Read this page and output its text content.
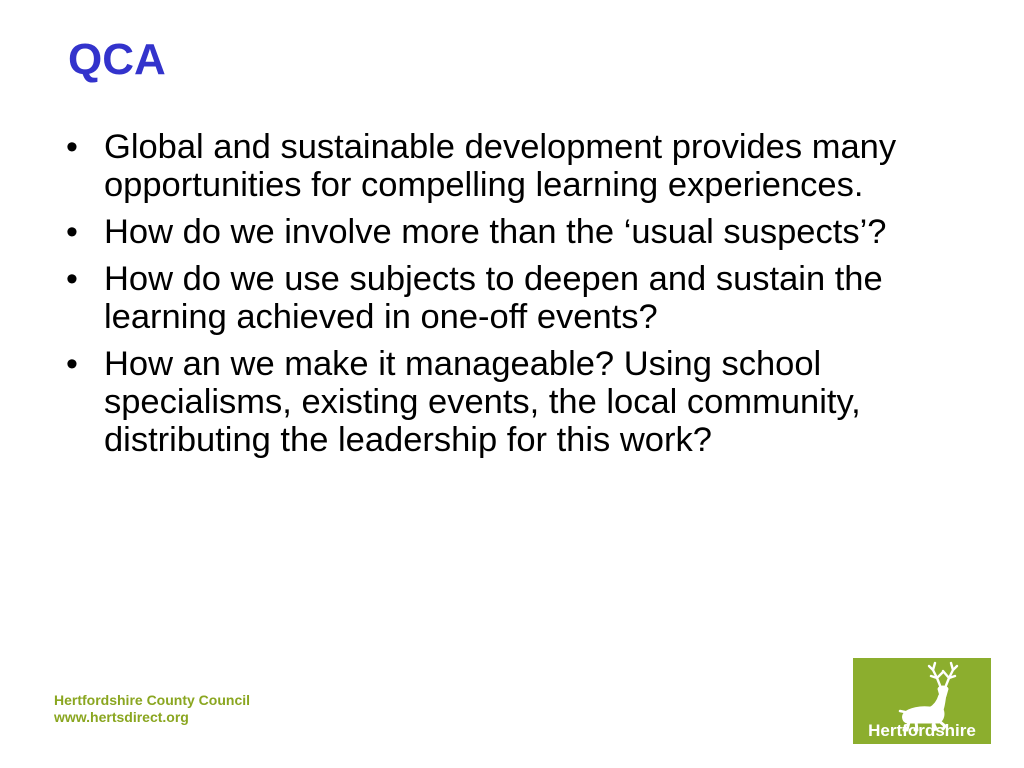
QCA
• Global and sustainable development provides many opportunities for compelling learning experiences.
• How do we involve more than the ‘usual suspects’?
• How do we use subjects to deepen and sustain the learning achieved in one-off events?
• How an we make it manageable? Using school specialisms, existing events, the local community, distributing the leadership for this work?
Hertfordshire County Council
www.hertsdirect.org
Hertfordshire
